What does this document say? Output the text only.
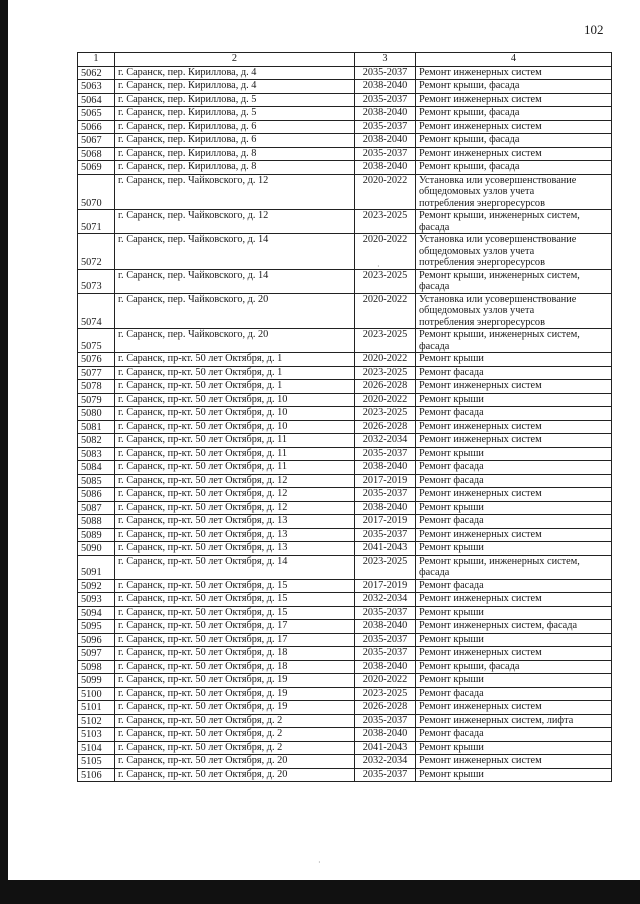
102
1	2	3	4
5062	г. Саранск, пер. Кириллова, д. 4	2035-2037	Ремонт инженерных систем

5063	г. Саранск, пер. Кириллова, д. 4	2038-2040	Ремонт крыши, фасада

5064	г. Саранск, пер. Кириллова, д. 5	2035-2037	Ремонт инженерных систем

5065	г. Саранск, пер. Кириллова, д. 5	2038-2040	Ремонт крыши, фасада

5066	г. Саранск, пер. Кириллова, д. 6	2035-2037	Ремонт инженерных систем

5067	г. Саранск, пер. Кириллова, д. 6	2038-2040	Ремонт крыши, фасада

5068	г. Саранск, пер. Кириллова, д. 8	2035-2037	Ремонт инженерных систем

5069	г. Саранск, пер. Кириллова, д. 8	2038-2040	Ремонт крыши, фасада

5070	г. Саранск, пер. Чайковского, д. 12	2020-2022	Установка или усовершенствование
общедомовых узлов учета
потребления энергоресурсов

5071	г. Саранск, пер. Чайковского, д. 12	2023-2025	Ремонт крыши, инженерных систем,
фасада

5072	г. Саранск, пер. Чайковского, д. 14	2020-2022	Установка или усовершенствование
общедомовых узлов учета
потребления энергоресурсов

5073	г. Саранск, пер. Чайковского, д. 14	2023-2025	Ремонт крыши, инженерных систем,
фасада

5074	г. Саранск, пер. Чайковского, д. 20	2020-2022	Установка или усовершенствование
общедомовых узлов учета
потребления энергоресурсов

5075	г. Саранск, пер. Чайковского, д. 20	2023-2025	Ремонт крыши, инженерных систем,
фасада

5076	г. Саранск, пр-кт. 50 лет Октября, д. 1	2020-2022	Ремонт крыши

5077	г. Саранск, пр-кт. 50 лет Октября, д. 1	2023-2025	Ремонт фасада

5078	г. Саранск, пр-кт. 50 лет Октября, д. 1	2026-2028	Ремонт инженерных систем

5079	г. Саранск, пр-кт. 50 лет Октября, д. 10	2020-2022	Ремонт крыши

5080	г. Саранск, пр-кт. 50 лет Октября, д. 10	2023-2025	Ремонт фасада

5081	г. Саранск, пр-кт. 50 лет Октября, д. 10	2026-2028	Ремонт инженерных систем

5082	г. Саранск, пр-кт. 50 лет Октября, д. 11	2032-2034	Ремонт инженерных систем

5083	г. Саранск, пр-кт. 50 лет Октября, д. 11	2035-2037	Ремонт крыши

5084	г. Саранск, пр-кт. 50 лет Октября, д. 11	2038-2040	Ремонт фасада

5085	г. Саранск, пр-кт. 50 лет Октября, д. 12	2017-2019	Ремонт фасада

5086	г. Саранск, пр-кт. 50 лет Октября, д. 12	2035-2037	Ремонт инженерных систем

5087	г. Саранск, пр-кт. 50 лет Октября, д. 12	2038-2040	Ремонт крыши

5088	г. Саранск, пр-кт. 50 лет Октября, д. 13	2017-2019	Ремонт фасада

5089	г. Саранск, пр-кт. 50 лет Октября, д. 13	2035-2037	Ремонт инженерных систем

5090	г. Саранск, пр-кт. 50 лет Октября, д. 13	2041-2043	Ремонт крыши

5091	г. Саранск, пр-кт. 50 лет Октября, д. 14	2023-2025	Ремонт крыши, инженерных систем,
фасада

5092	г. Саранск, пр-кт. 50 лет Октября, д. 15	2017-2019	Ремонт фасада

5093	г. Саранск, пр-кт. 50 лет Октября, д. 15	2032-2034	Ремонт инженерных систем

5094	г. Саранск, пр-кт. 50 лет Октября, д. 15	2035-2037	Ремонт крыши

5095	г. Саранск, пр-кт. 50 лет Октября, д. 17	2038-2040	Ремонт инженерных систем, фасада

5096	г. Саранск, пр-кт. 50 лет Октября, д. 17	2035-2037	Ремонт крыши

5097	г. Саранск, пр-кт. 50 лет Октября, д. 18	2035-2037	Ремонт инженерных систем

5098	г. Саранск, пр-кт. 50 лет Октября, д. 18	2038-2040	Ремонт крыши, фасада

5099	г. Саранск, пр-кт. 50 лет Октября, д. 19	2020-2022	Ремонт крыши

5100	г. Саранск, пр-кт. 50 лет Октября, д. 19	2023-2025	Ремонт фасада

5101	г. Саранск, пр-кт. 50 лет Октября, д. 19	2026-2028	Ремонт инженерных систем

5102	г. Саранск, пр-кт. 50 лет Октября, д. 2	2035-2037	Ремонт инженерных систем, лифта

5103	г. Саранск, пр-кт. 50 лет Октября, д. 2	2038-2040	Ремонт фасада

5104	г. Саранск, пр-кт. 50 лет Октября, д. 2	2041-2043	Ремонт крыши

5105	г. Саранск, пр-кт. 50 лет Октября, д. 20	2032-2034	Ремонт инженерных систем

5106	г. Саранск, пр-кт. 50 лет Октября, д. 20	2035-2037	Ремонт крыши
·
·
